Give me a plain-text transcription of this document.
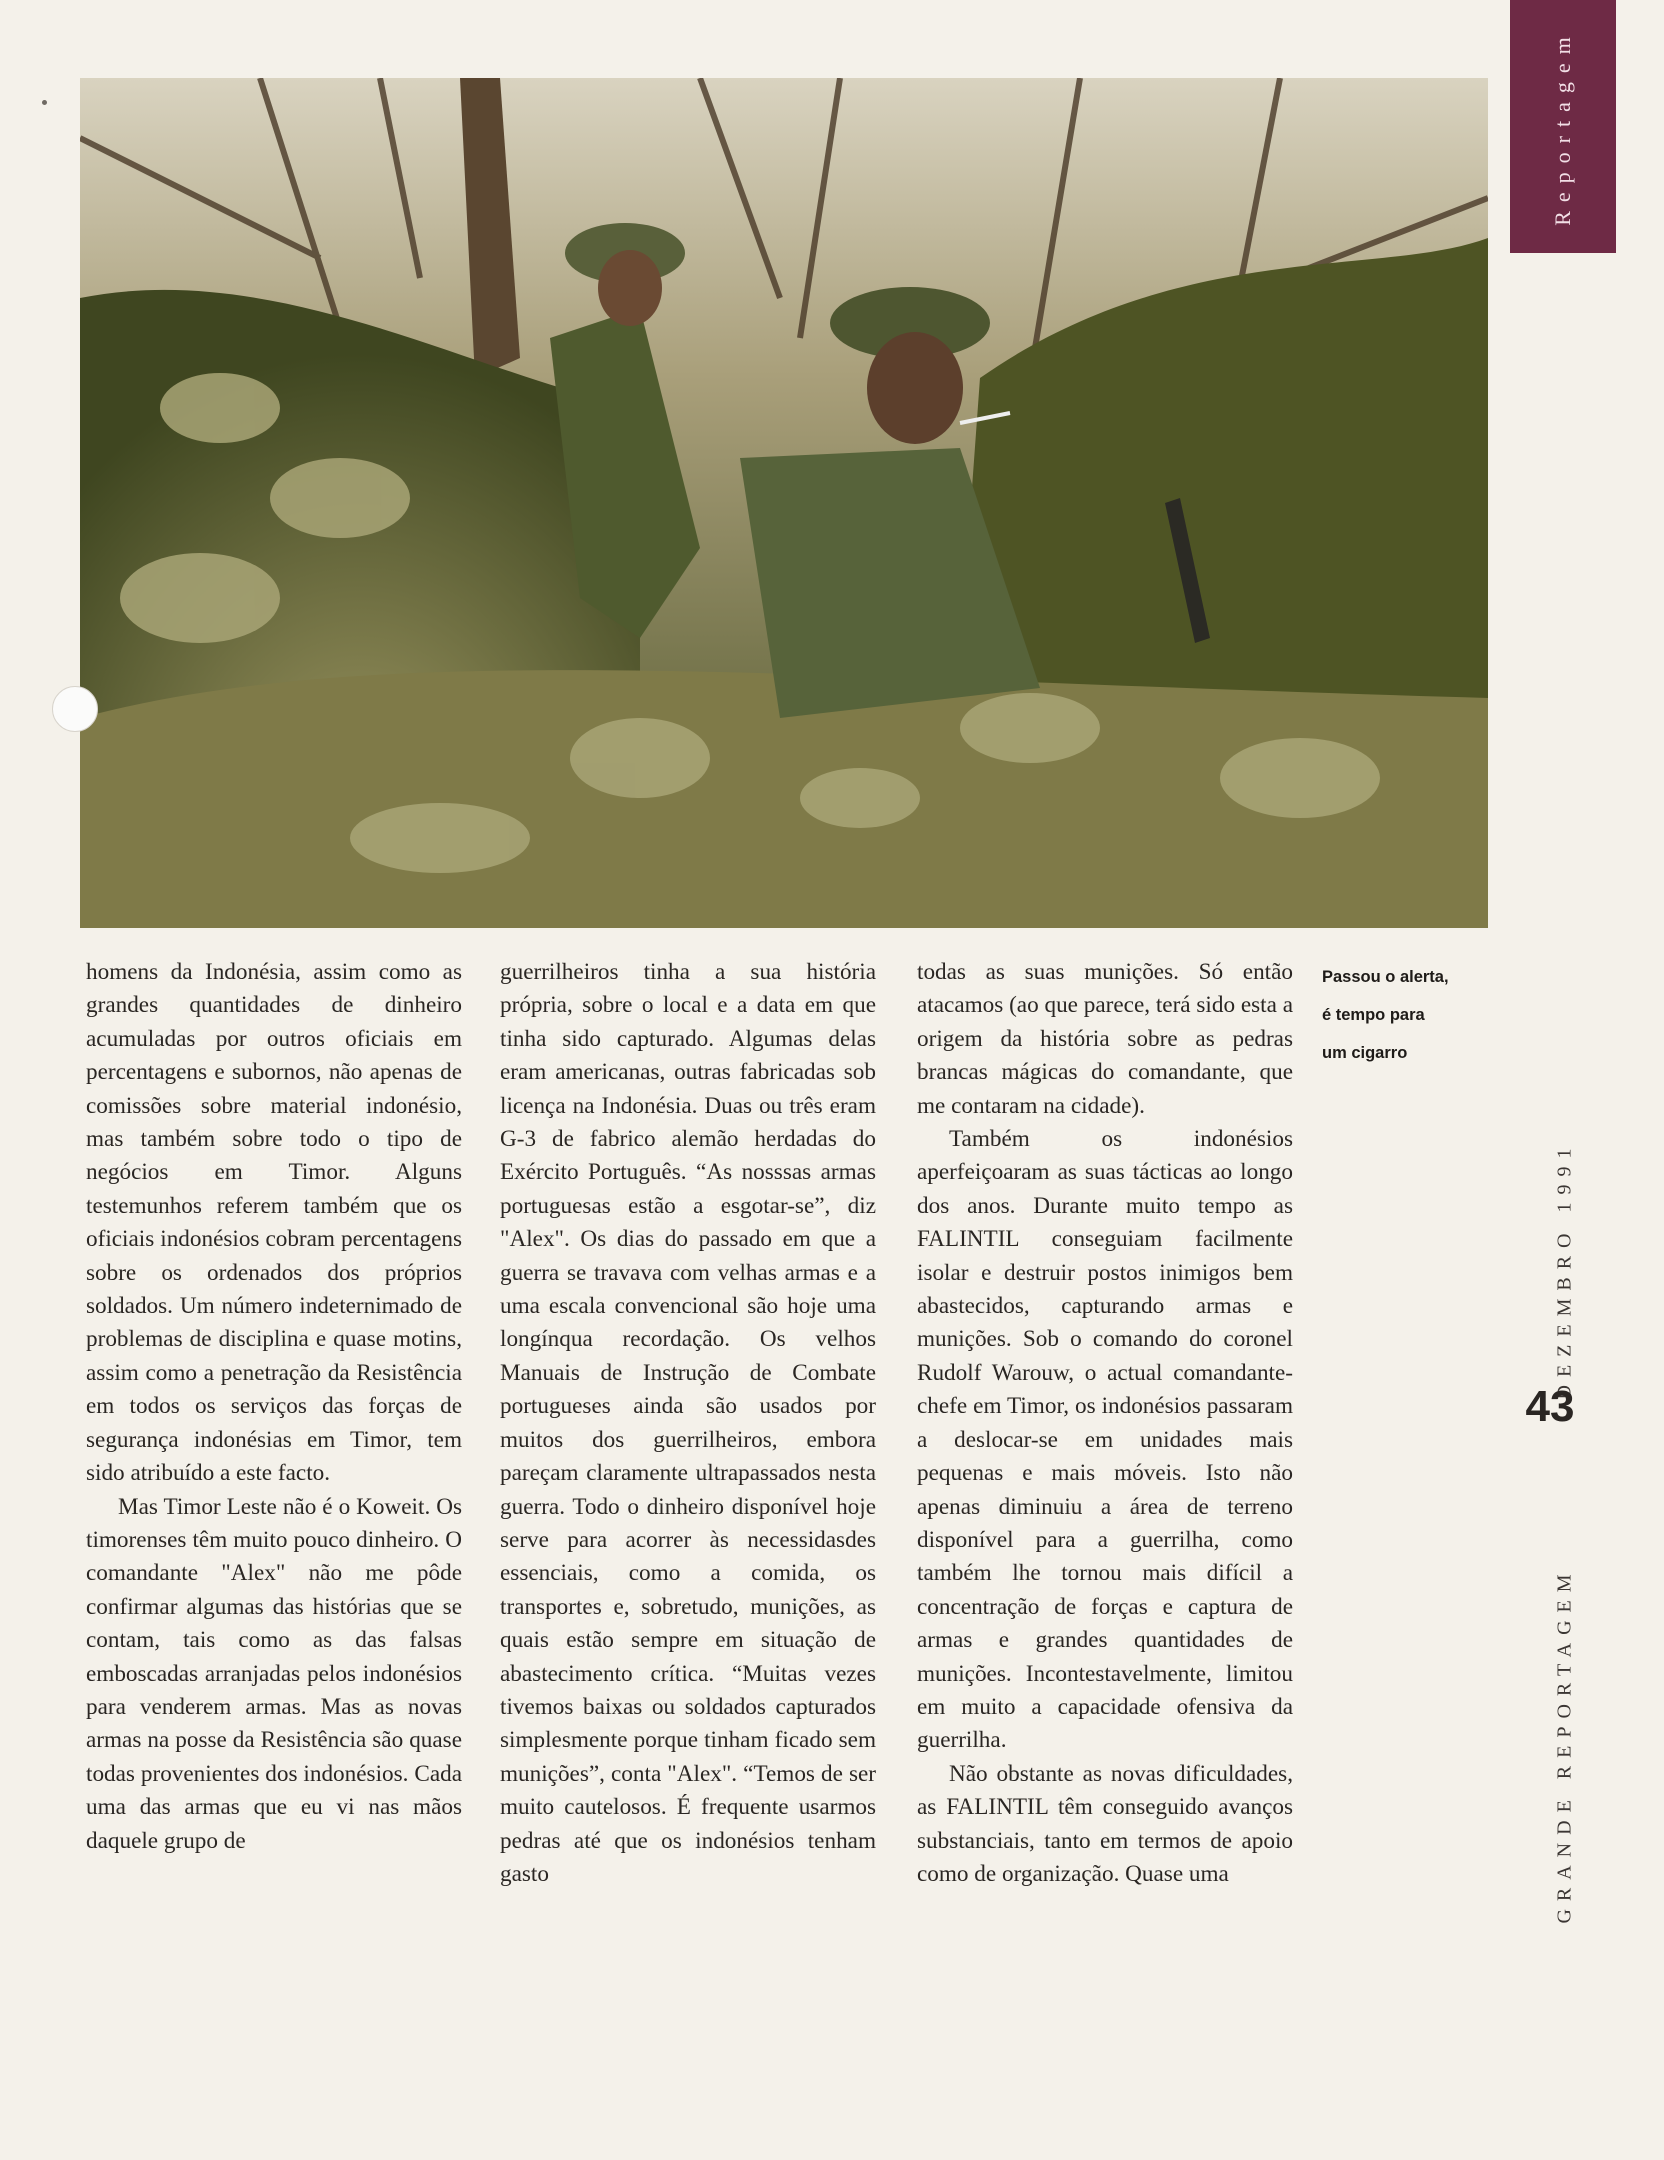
Reportagem

homens da Indonésia, assim como as grandes quantidades de dinheiro acumuladas por outros oficiais em percentagens e subornos, não apenas de comissões sobre material indonésio, mas também sobre todo o tipo de negócios em Timor. Alguns testemunhos referem também que os oficiais indonésios cobram percentagens sobre os ordenados dos próprios soldados. Um número indeternimado de problemas de disciplina e quase motins, assim como a penetração da Resistência em todos os serviços das forças de segurança indonésias em Timor, tem sido atribuído a este facto.

Mas Timor Leste não é o Koweit. Os timorenses têm muito pouco dinheiro. O comandante "Alex" não me pôde confirmar algumas das histórias que se contam, tais como as das falsas emboscadas arranjadas pelos indonésios para venderem armas. Mas as novas armas na posse da Resistência são quase todas provenientes dos indonésios. Cada uma das armas que eu vi nas mãos daquele grupo de

guerrilheiros tinha a sua história própria, sobre o local e a data em que tinha sido capturado. Algumas delas eram americanas, outras fabricadas sob licença na Indonésia. Duas ou três eram G-3 de fabrico alemão herdadas do Exército Português. “As nosssas armas portuguesas estão a esgotar-se”, diz "Alex". Os dias do passado em que a guerra se travava com velhas armas e a uma escala convencional são hoje uma longínqua recordação. Os velhos Manuais de Instrução de Combate portugueses ainda são usados por muitos dos guerrilheiros, embora pareçam claramente ultrapassados nesta guerra. Todo o dinheiro disponível hoje serve para acorrer às necessidasdes essenciais, como a comida, os transportes e, sobretudo, munições, as quais estão sempre em situação de abastecimento crítica. “Muitas vezes tivemos baixas ou soldados capturados simplesmente porque tinham ficado sem munições”, conta "Alex". “Temos de ser muito cautelosos. É frequente usarmos pedras até que os indonésios tenham gasto

todas as suas munições. Só então atacamos (ao que parece, terá sido esta a origem da história sobre as pedras brancas mágicas do comandante, que me contaram na cidade).

Também os indonésios aperfeiçoaram as suas tácticas ao longo dos anos. Durante muito tempo as FALINTIL conseguiam facilmente isolar e destruir postos inimigos bem abastecidos, capturando armas e munições. Sob o comando do coronel Rudolf Warouw, o actual comandante-chefe em Timor, os indonésios passaram a deslocar-se em unidades mais pequenas e mais móveis. Isto não apenas diminuiu a área de terreno disponível para a guerrilha, como também lhe tornou mais difícil a concentração de forças e captura de armas e grandes quantidades de munições. Incontestavelmente, limitou em muito a capacidade ofensiva da guerrilha.

Não obstante as novas dificuldades, as FALINTIL têm conseguido avanços substanciais, tanto em termos de apoio como de organização. Quase uma

Passou o alerta,
é tempo para
um cigarro
DEZEMBRO 1991
43
GRANDE REPORTAGEM
